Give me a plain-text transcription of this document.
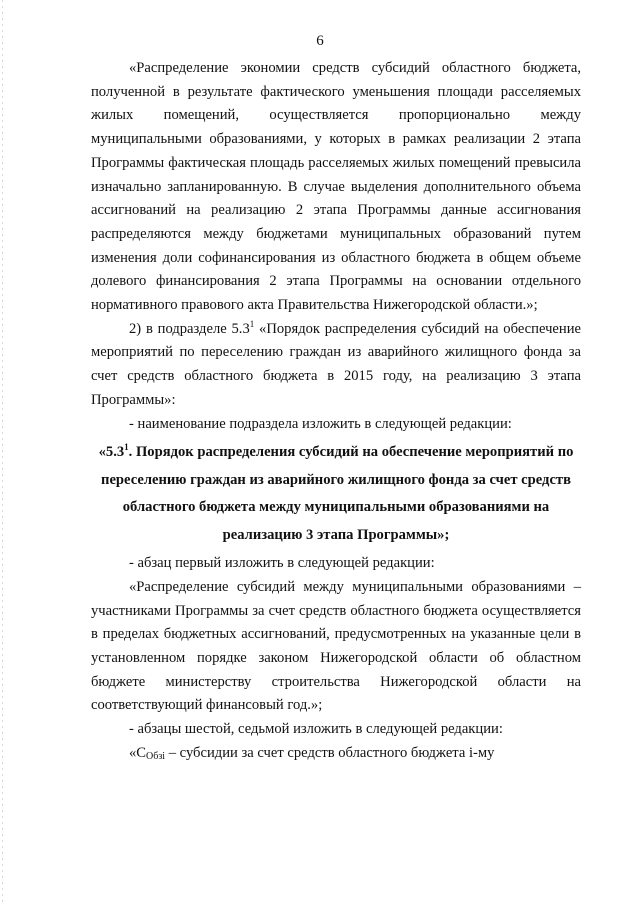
6

«Распределение экономии средств субсидий областного бюджета, полученной в результате фактического уменьшения площади расселяемых жилых помещений, осуществляется пропорционально между муниципальными образованиями, у которых в рамках реализации 2 этапа Программы фактическая площадь расселяемых жилых помещений превысила изначально запланированную. В случае выделения дополнительного объема ассигнований на реализацию 2 этапа Программы данные ассигнования распределяются между бюджетами муниципальных образований путем изменения доли софинансирования из областного бюджета в общем объеме долевого финансирования 2 этапа Программы на основании отдельного нормативного правового акта Правительства Нижегородской области.»;

2) в подразделе $5.3^1$ «Порядок распределения субсидий на обеспечение мероприятий по переселению граждан из аварийного жилищного фонда за счет средств областного бюджета в 2015 году, на реализацию 3 этапа Программы»:

- наименование подраздела изложить в следующей редакции:

«$5.3^1$. Порядок распределения субсидий на обеспечение мероприятий по переселению граждан из аварийного жилищного фонда за счет средств областного бюджета между муниципальными образованиями на реализацию 3 этапа Программы»;

- абзац первый изложить в следующей редакции:

«Распределение субсидий между муниципальными образованиями – участниками Программы за счет средств областного бюджета осуществляется в пределах бюджетных ассигнований, предусмотренных на указанные цели в установленном порядке законом Нижегородской области об областном бюджете министерству строительства Нижегородской области на соответствующий финансовый год.»;

- абзацы шестой, седьмой изложить в следующей редакции:

«$С_{Обзi}$ – субсидии за счет средств областного бюджета i-му
